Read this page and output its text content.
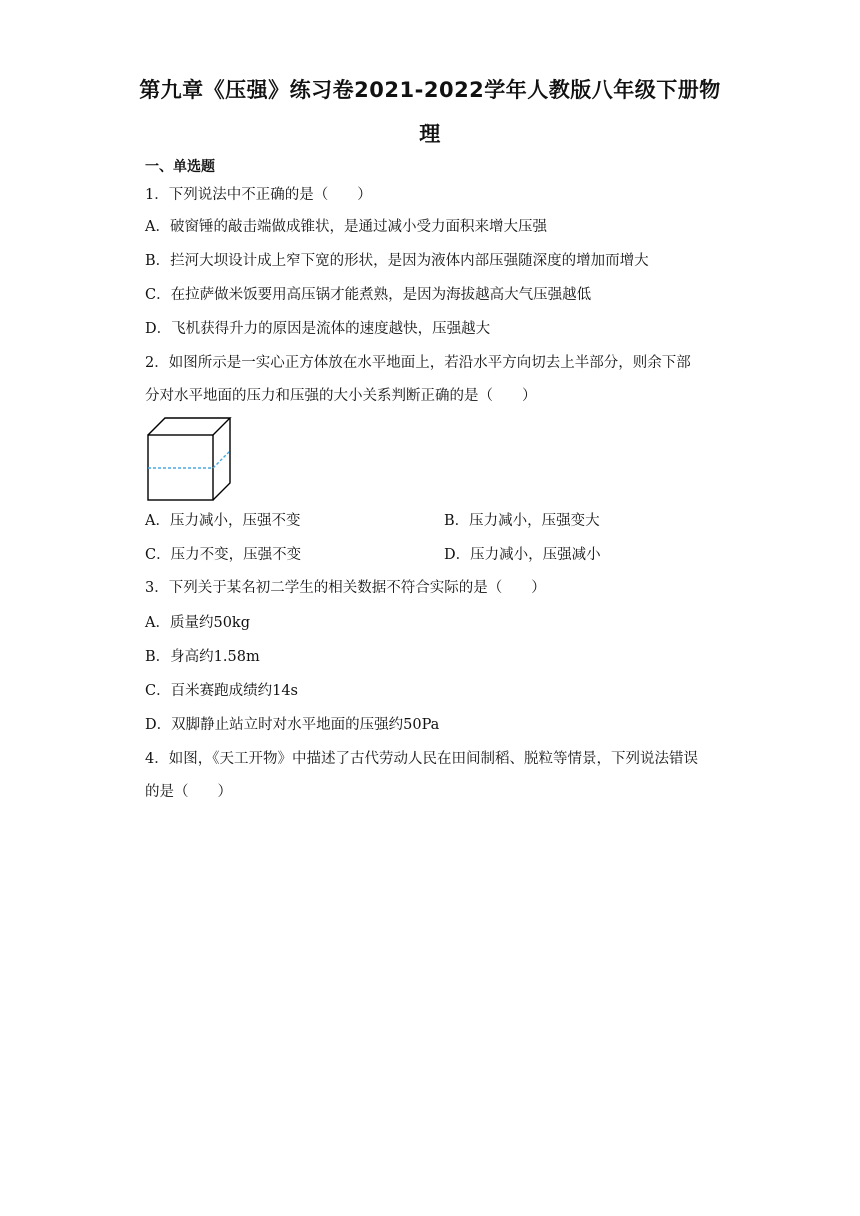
第九章《压强》练习卷2021-2022学年人教版八年级下册物
理
一、单选题
1．下列说法中不正确的是（　　）
A．破窗锤的敲击端做成锥状，是通过减小受力面积来增大压强
B．拦河大坝设计成上窄下宽的形状，是因为液体内部压强随深度的增加而增大
C．在拉萨做米饭要用高压锅才能煮熟，是因为海拔越高大气压强越低
D．飞机获得升力的原因是流体的速度越快，压强越大
2．如图所示是一实心正方体放在水平地面上，若沿水平方向切去上半部分，则余下部
分对水平地面的压力和压强的大小关系判断正确的是（　　）
A．压力减小，压强不变	B．压力减小，压强变大
C．压力不变，压强不变	D．压力减小，压强减小
3．下列关于某名初二学生的相关数据不符合实际的是（　　）
A．质量约50kg
B．身高约1.58m
C．百米赛跑成绩约14s
D．双脚静止站立时对水平地面的压强约50Pa
4．如图，《天工开物》中描述了古代劳动人民在田间制稻、脱粒等情景，下列说法错误
的是（　　）
